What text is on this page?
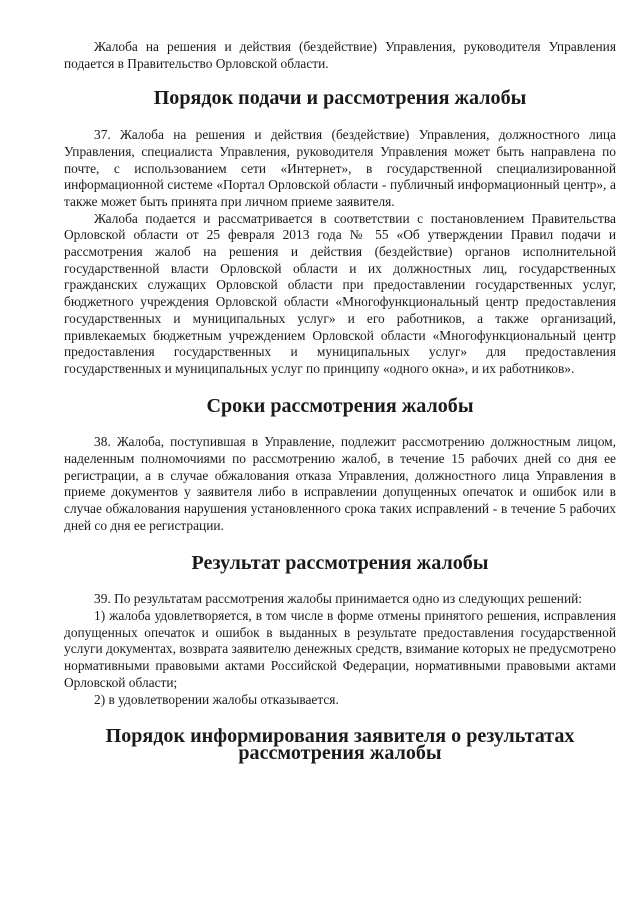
Жалоба на решения и действия (бездействие) Управления, руководителя Управления подается в Правительство Орловской области.

Порядок подачи и рассмотрения жалобы

37. Жалоба на решения и действия (бездействие) Управления, должностного лица Управления, специалиста Управления, руководителя Управления может быть направлена по почте, с использованием сети «Интернет», в государственной специализированной информационной системе «Портал Орловской области - публичный информационный центр», а также может быть принята при личном приеме заявителя.

Жалоба подается и рассматривается в соответствии с постановлением Правительства Орловской области от 25 февраля 2013 года № 55 «Об утверждении Правил подачи и рассмотрения жалоб на решения и действия (бездействие) органов исполнительной государственной власти Орловской области и их должностных лиц, государственных гражданских служащих Орловской области при предоставлении государственных услуг, бюджетного учреждения Орловской области «Многофункциональный центр предоставления государственных и муниципальных услуг» и его работников, а также организаций, привлекаемых бюджетным учреждением Орловской области «Многофункциональный центр предоставления государственных и муниципальных услуг» для предоставления государственных и муниципальных услуг по принципу «одного окна», и их работников».

Сроки рассмотрения жалобы

38. Жалоба, поступившая в Управление, подлежит рассмотрению должностным лицом, наделенным полномочиями по рассмотрению жалоб, в течение 15 рабочих дней со дня ее регистрации, а в случае обжалования отказа Управления, должностного лица Управления в приеме документов у заявителя либо в исправлении допущенных опечаток и ошибок или в случае обжалования нарушения установленного срока таких исправлений - в течение 5 рабочих дней со дня ее регистрации.

Результат рассмотрения жалобы

39. По результатам рассмотрения жалобы принимается одно из следующих решений:

1) жалоба удовлетворяется, в том числе в форме отмены принятого решения, исправления допущенных опечаток и ошибок в выданных в результате предоставления государственной услуги документах, возврата заявителю денежных средств, взимание которых не предусмотрено нормативными правовыми актами Российской Федерации, нормативными правовыми актами Орловской области;

2) в удовлетворении жалобы отказывается.

Порядок информирования заявителя о результатах рассмотрения жалобы
